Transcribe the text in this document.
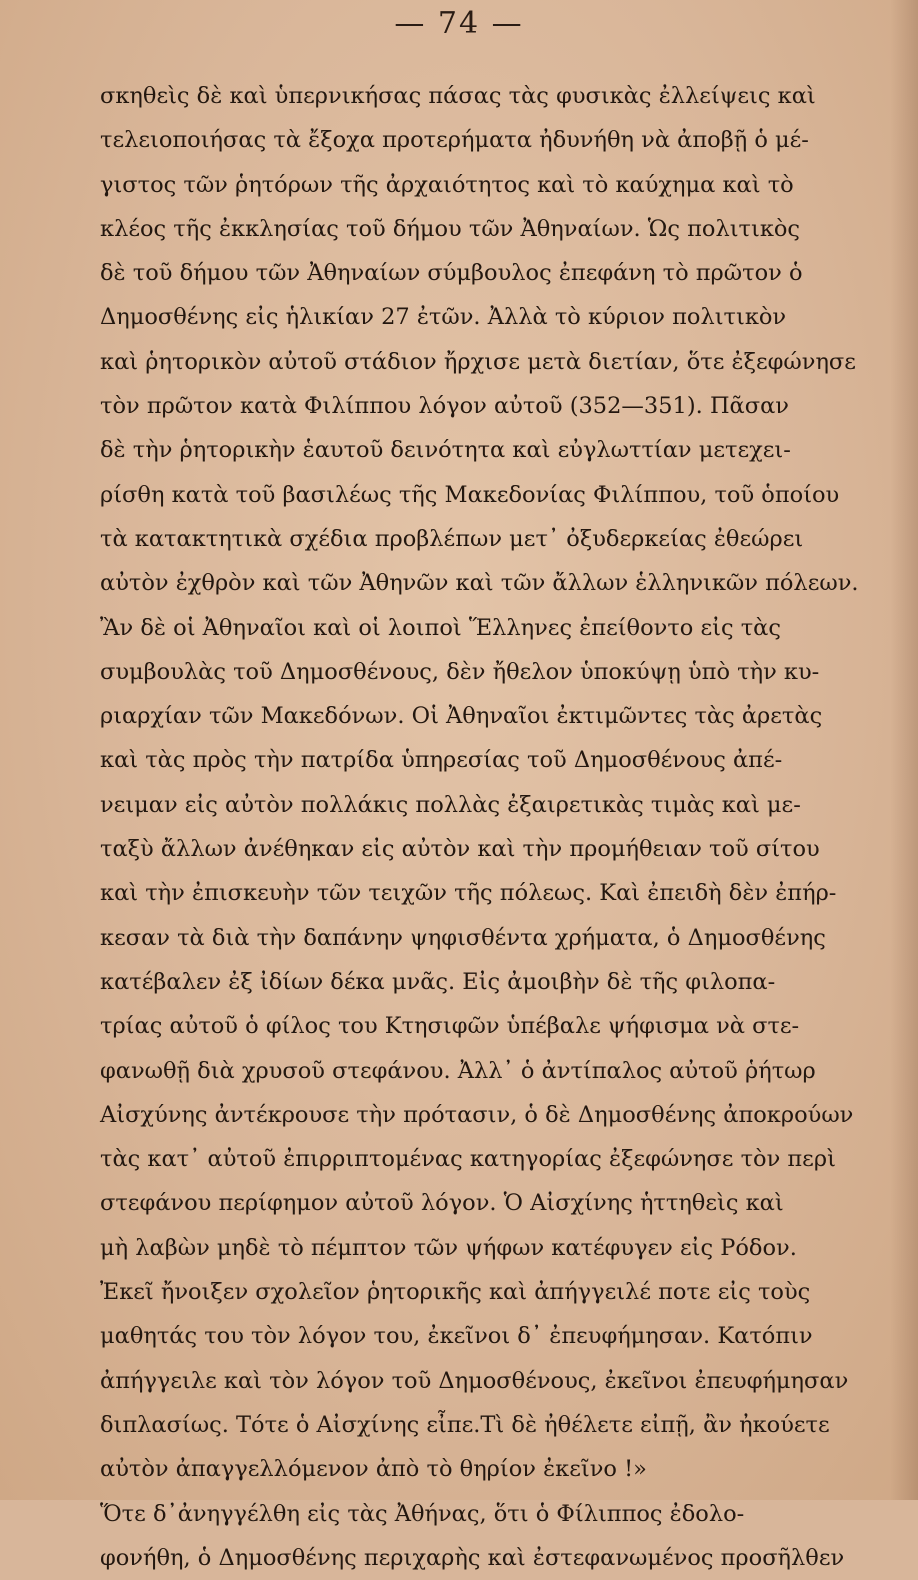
— 74 —
σκηθεὶς δὲ καὶ ὑπερνικήσας πάσας τὰς φυσικὰς ἐλλείψεις καὶ
τελειοποιήσας τὰ ἔξοχα προτερήματα ἠδυνήθη νὰ ἀποβῇ ὁ μέ-
γιστος τῶν ῥητόρων τῆς ἀρχαιότητος καὶ τὸ καύχημα καὶ τὸ
κλέος τῆς ἐκκλησίας τοῦ δήμου τῶν Ἀθηναίων. Ὡς πολιτικὸς
δὲ τοῦ δήμου τῶν Ἀθηναίων σύμβουλος ἐπεφάνη τὸ πρῶτον ὁ
Δημοσθένης εἰς ἡλικίαν 27 ἐτῶν. Ἀλλὰ τὸ κύριον πολιτικὸν
καὶ ῥητορικὸν αὐτοῦ στάδιον ἤρχισε μετὰ διετίαν, ὅτε ἐξεφώνησε
τὸν πρῶτον κατὰ Φιλίππου λόγον αὐτοῦ (352—351). Πᾶσαν
δὲ τὴν ῥητορικὴν ἑαυτοῦ δεινότητα καὶ εὐγλωττίαν μετεχει-
ρίσθη κατὰ τοῦ βασιλέως τῆς Μακεδονίας Φιλίππου, τοῦ ὁποίου
τὰ κατακτητικὰ σχέδια προβλέπων μετ᾽ ὀξυδερκείας ἐθεώρει
αὐτὸν ἐχθρὸν καὶ τῶν Ἀθηνῶν καὶ τῶν ἄλλων ἑλληνικῶν πόλεων.
Ἂν δὲ οἱ Ἀθηναῖοι καὶ οἱ λοιποὶ Ἕλληνες ἐπείθοντο εἰς τὰς
συμβουλὰς τοῦ Δημοσθένους, δὲν ἤθελον ὑποκύψῃ ὑπὸ τὴν κυ-
ριαρχίαν τῶν Μακεδόνων. Οἱ Ἀθηναῖοι ἐκτιμῶντες τὰς ἀρετὰς
καὶ τὰς πρὸς τὴν πατρίδα ὑπηρεσίας τοῦ Δημοσθένους ἀπέ-
νειμαν εἰς αὐτὸν πολλάκις πολλὰς ἐξαιρετικὰς τιμὰς καὶ με-
ταξὺ ἄλλων ἀνέθηκαν εἰς αὐτὸν καὶ τὴν προμήθειαν τοῦ σίτου
καὶ τὴν ἐπισκευὴν τῶν τειχῶν τῆς πόλεως. Καὶ ἐπειδὴ δὲν ἐπήρ-
κεσαν τὰ διὰ τὴν δαπάνην ψηφισθέντα χρήματα, ὁ Δημοσθένης
κατέβαλεν ἐξ ἰδίων δέκα μνᾶς. Εἰς ἀμοιβὴν δὲ τῆς φιλοπα-
τρίας αὐτοῦ ὁ φίλος του Κτησιφῶν ὑπέβαλε ψήφισμα νὰ στε-
φανωθῇ διὰ χρυσοῦ στεφάνου. Ἀλλ᾽ ὁ ἀντίπαλος αὐτοῦ ῥήτωρ
Αἰσχύνης ἀντέκρουσε τὴν πρότασιν, ὁ δὲ Δημοσθένης ἀποκρούων
τὰς κατ᾽ αὐτοῦ ἐπιρριπτομένας κατηγορίας ἐξεφώνησε τὸν περὶ
στεφάνου περίφημον αὐτοῦ λόγον. Ὁ Αἰσχίνης ἡττηθεὶς καὶ
μὴ λαβὼν μηδὲ τὸ πέμπτον τῶν ψήφων κατέφυγεν εἰς Ρόδον.
Ἐκεῖ ἤνοιξεν σχολεῖον ῥητορικῆς καὶ ἀπήγγειλέ ποτε εἰς τοὺς
μαθητάς του τὸν λόγον του, ἐκεῖνοι δ᾽ ἐπευφήμησαν. Κατόπιν
ἀπήγγειλε καὶ τὸν λόγον τοῦ Δημοσθένους, ἐκεῖνοι ἐπευφήμησαν
διπλασίως. Τότε ὁ Αἰσχίνης εἶπε.Τὶ δὲ ἠθέλετε εἰπῇ, ἂν ἠκούετε
αὐτὸν ἀπαγγελλόμενον ἀπὸ τὸ θηρίον ἐκεῖνο !»
Ὅτε δ᾽ἀνηγγέλθη εἰς τὰς Ἀθήνας, ὅτι ὁ Φίλιππος ἐδολο-
φονήθη, ὁ Δημοσθένης περιχαρὴς καὶ ἐστεφανωμένος προσῆλθεν
